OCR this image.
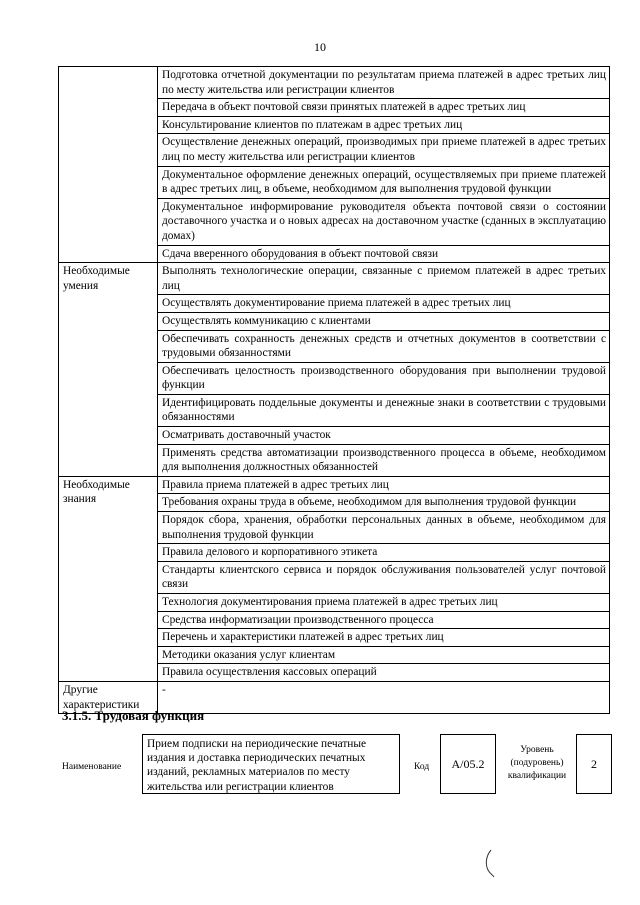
10
	Подготовка отчетной документации по результатам приема платежей в адрес третьих лиц по месту жительства или регистрации клиентов
	Передача в объект почтовой связи принятых платежей в адрес третьих лиц
	Консультирование клиентов по платежам в адрес третьих лиц
	Осуществление денежных операций, производимых при приеме платежей в адрес третьих лиц по месту жительства или регистрации клиентов
	Документальное оформление денежных операций, осуществляемых при приеме платежей в адрес третьих лиц, в объеме, необходимом для выполнения трудовой функции
	Документальное информирование руководителя объекта почтовой связи о состоянии доставочного участка и о новых адресах на доставочном участке (сданных в эксплуатацию домах)
	Сдача вверенного оборудования в объект почтовой связи
Необходимые умения	Выполнять технологические операции, связанные с приемом платежей в адрес третьих лиц
	Осуществлять документирование приема платежей в адрес третьих лиц
	Осуществлять коммуникацию с клиентами
	Обеспечивать сохранность денежных средств и отчетных документов в соответствии с трудовыми обязанностями
	Обеспечивать целостность производственного оборудования при выполнении трудовой функции
	Идентифицировать поддельные документы и денежные знаки в соответствии с трудовыми обязанностями
	Осматривать доставочный участок
	Применять средства автоматизации производственного процесса в объеме, необходимом для выполнения должностных обязанностей
Необходимые знания	Правила приема платежей в адрес третьих лиц
	Требования охраны труда в объеме, необходимом для выполнения трудовой функции
	Порядок сбора, хранения, обработки персональных данных в объеме, необходимом для выполнения трудовой функции
	Правила делового и корпоративного этикета
	Стандарты клиентского сервиса и порядок обслуживания пользователей услуг почтовой связи
	Технология документирования приема платежей в адрес третьих лиц
	Средства информатизации производственного процесса
	Перечень и характеристики платежей в адрес третьих лиц
	Методики оказания услуг клиентам
	Правила осуществления кассовых операций
Другие характеристики	-
3.1.5. Трудовая функция
Наименование
Прием подписки на периодические печатные издания и доставка периодических печатных изданий, рекламных материалов по месту жительства или регистрации клиентов
Код	А/05.2
Уровень (подуровень) квалификации
2
